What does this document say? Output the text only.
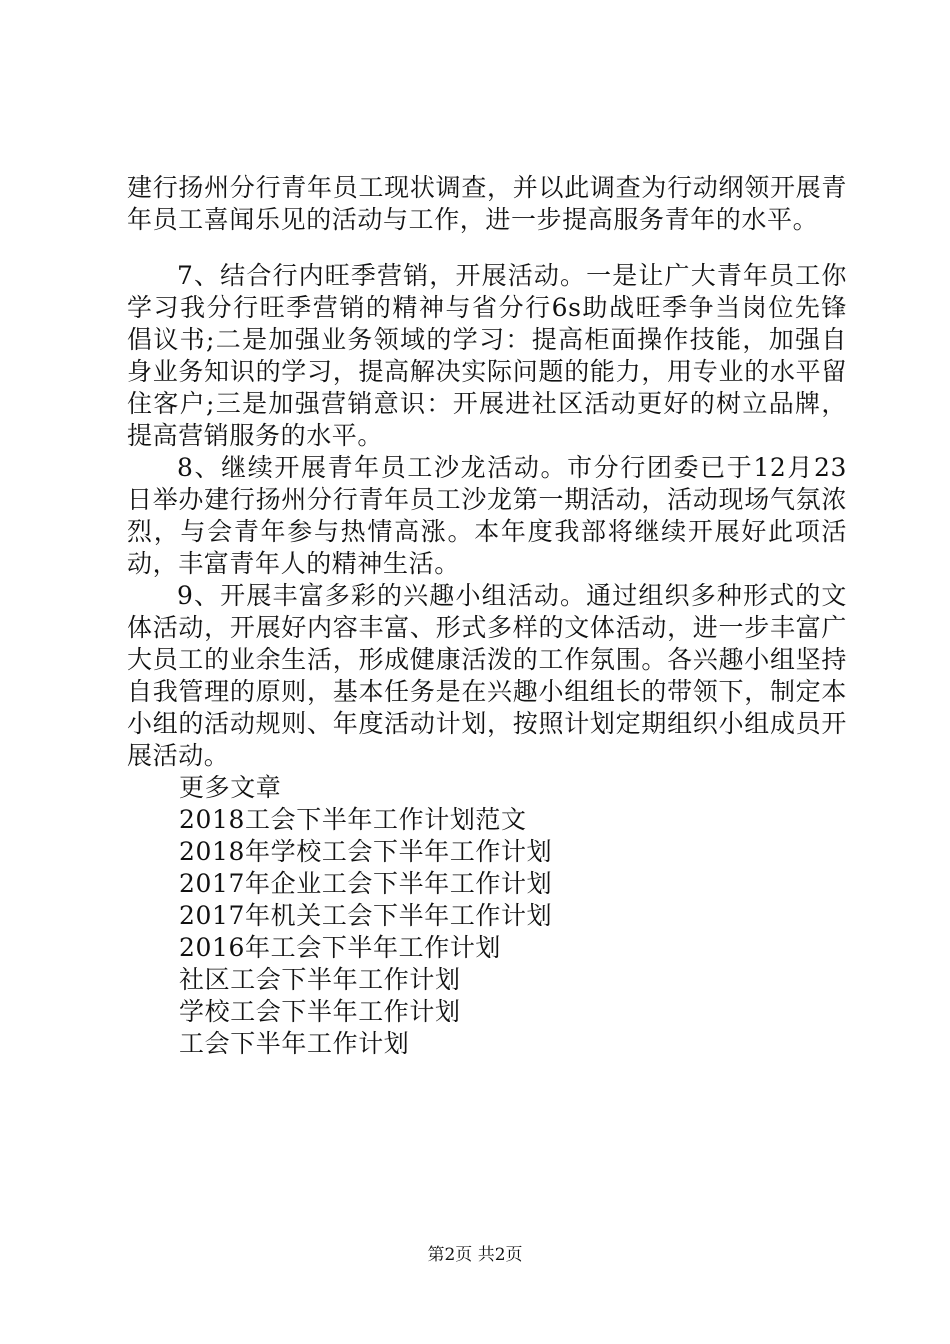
建行扬州分行青年员工现状调查，并以此调查为行动纲领开展青年员工喜闻乐见的活动与工作，进一步提高服务青年的水平。

7、结合行内旺季营销，开展活动。一是让广大青年员工你学习我分行旺季营销的精神与省分行6s助战旺季争当岗位先锋倡议书;二是加强业务领域的学习：提高柜面操作技能，加强自身业务知识的学习，提高解决实际问题的能力，用专业的水平留住客户;三是加强营销意识：开展进社区活动更好的树立品牌，提高营销服务的水平。

8、继续开展青年员工沙龙活动。市分行团委已于12月23日举办建行扬州分行青年员工沙龙第一期活动，活动现场气氛浓烈，与会青年参与热情高涨。本年度我部将继续开展好此项活动，丰富青年人的精神生活。

9、开展丰富多彩的兴趣小组活动。通过组织多种形式的文体活动，开展好内容丰富、形式多样的文体活动，进一步丰富广大员工的业余生活，形成健康活泼的工作氛围。各兴趣小组坚持自我管理的原则，基本任务是在兴趣小组组长的带领下，制定本小组的活动规则、年度活动计划，按照计划定期组织小组成员开展活动。

更多文章

2018工会下半年工作计划范文
2018年学校工会下半年工作计划
2017年企业工会下半年工作计划
2017年机关工会下半年工作计划
2016年工会下半年工作计划
社区工会下半年工作计划
学校工会下半年工作计划
工会下半年工作计划
第2页 共2页
